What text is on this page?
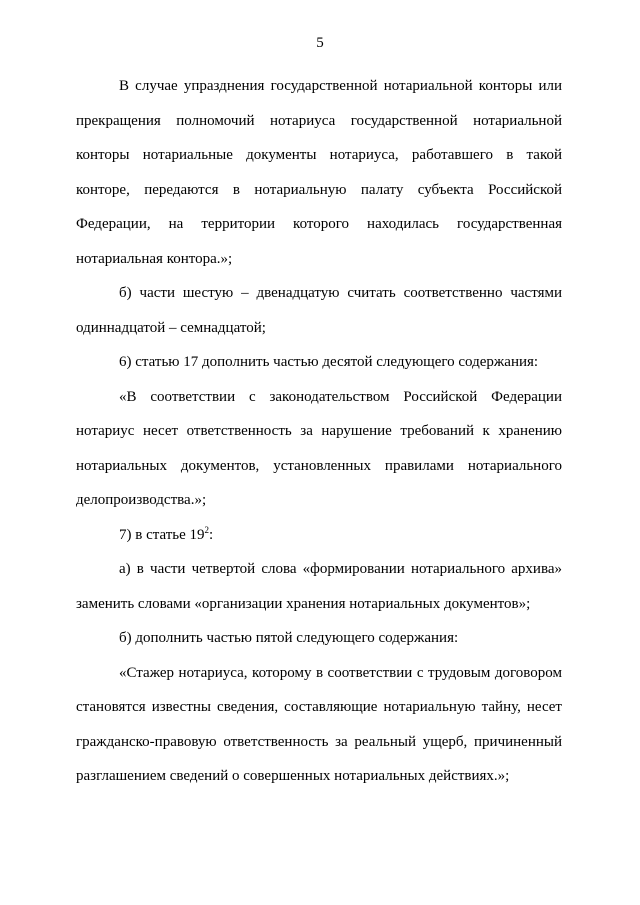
5

В случае упразднения государственной нотариальной конторы или прекращения полномочий нотариуса государственной нотариальной конторы нотариальные документы нотариуса, работавшего в такой конторе, передаются в нотариальную палату субъекта Российской Федерации, на территории которого находилась государственная нотариальная контора.»;

б) части шестую – двенадцатую считать соответственно частями одиннадцатой – семнадцатой;

6) статью 17 дополнить частью десятой следующего содержания:

«В соответствии с законодательством Российской Федерации нотариус несет ответственность за нарушение требований к хранению нотариальных документов, установленных правилами нотариального делопроизводства.»;

7) в статье $19^2$:

а) в части четвертой слова «формировании нотариального архива» заменить словами «организации хранения нотариальных документов»;

б) дополнить частью пятой следующего содержания:

«Стажер нотариуса, которому в соответствии с трудовым договором становятся известны сведения, составляющие нотариальную тайну, несет гражданско-правовую ответственность за реальный ущерб, причиненный разглашением сведений о совершенных нотариальных действиях.»;
